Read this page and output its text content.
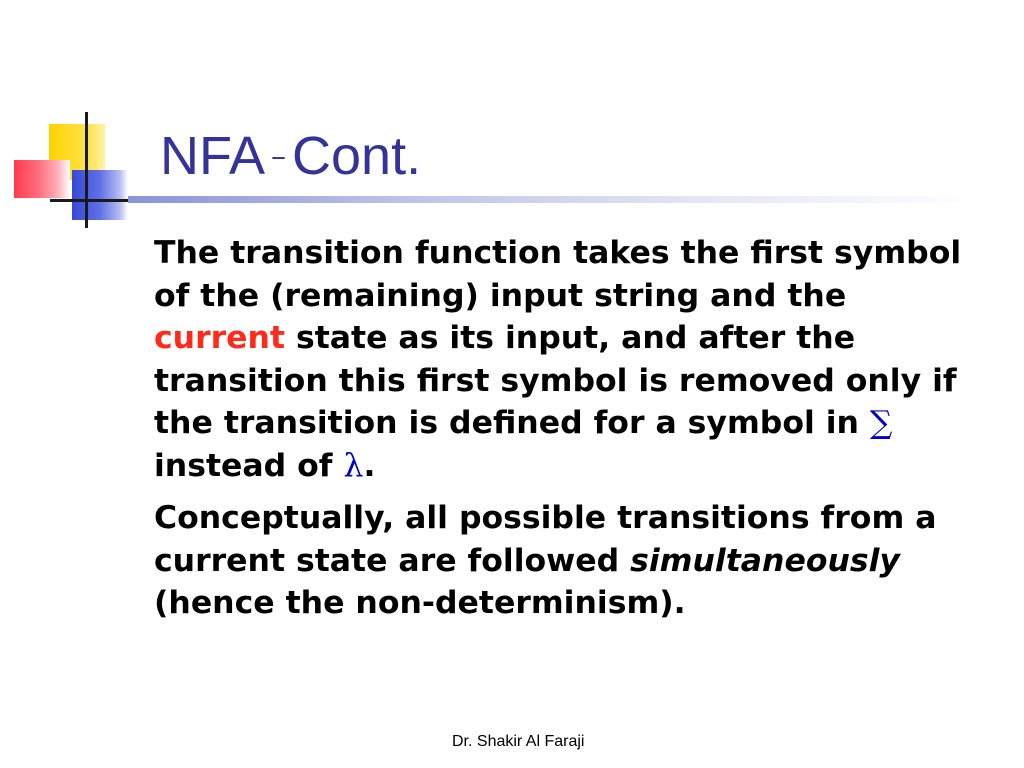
NFA – Cont.

The transition function takes the first symbol of the (remaining) input string and the current state as its input, and after the transition this first symbol is removed only if the transition is defined for a symbol in ∑ instead of λ.

Conceptually, all possible transitions from a current state are followed simultaneously (hence the non-determinism).

Dr. Shakir Al Faraji
